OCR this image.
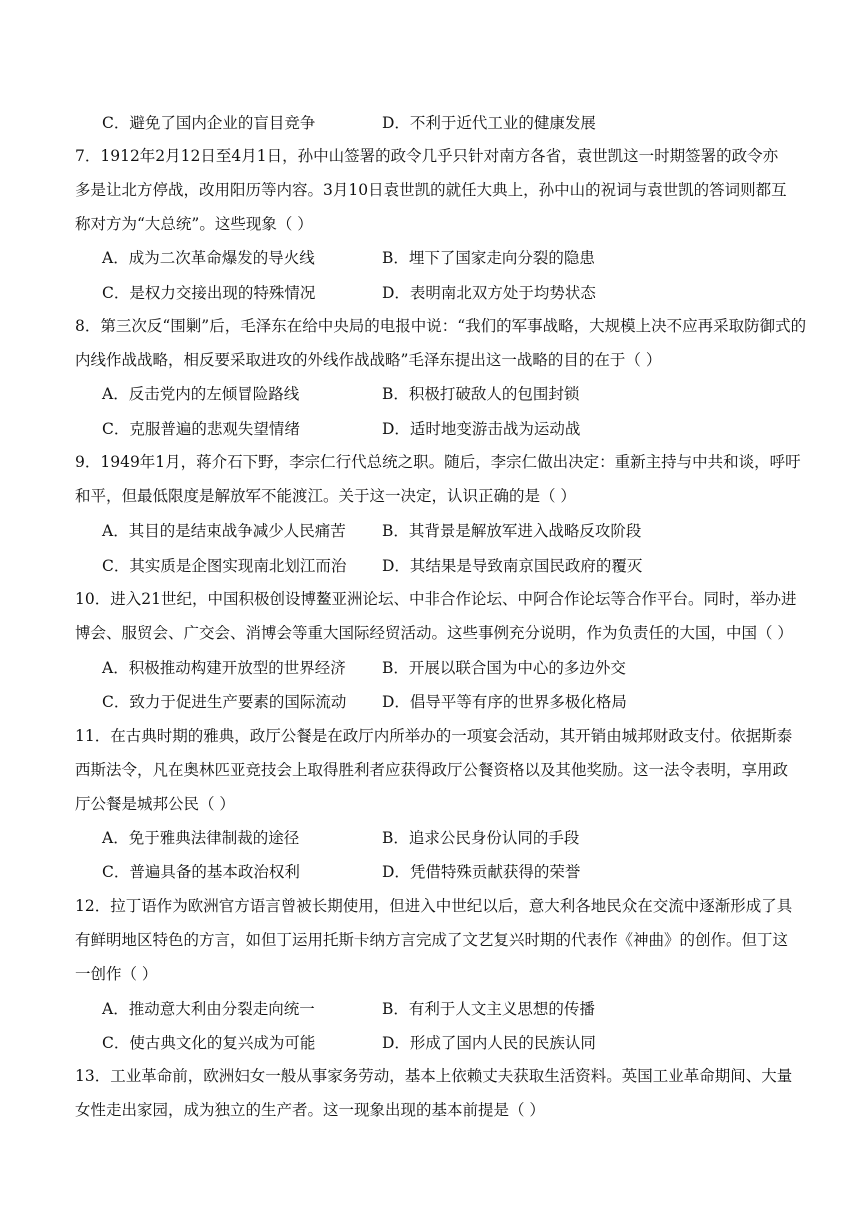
C．避免了国内企业的盲目竞争	D．不利于近代工业的健康发展
7．1912年2月12日至4月1日，孙中山签署的政令几乎只针对南方各省，袁世凯这一时期签署的政令亦
多是让北方停战，改用阳历等内容。3月10日袁世凯的就任大典上，孙中山的祝词与袁世凯的答词则都互
称对方为“大总统”。这些现象（ ）
A．成为二次革命爆发的导火线	B．埋下了国家走向分裂的隐患
C．是权力交接出现的特殊情况	D．表明南北双方处于均势状态
8．第三次反“围剿”后，毛泽东在给中央局的电报中说：“我们的军事战略，大规模上决不应再采取防御式的
内线作战战略，相反要采取进攻的外线作战战略”毛泽东提出这一战略的目的在于（ ）
A．反击党内的左倾冒险路线	B．积极打破敌人的包围封锁
C．克服普遍的悲观失望情绪	D．适时地变游击战为运动战
9．1949年1月，蒋介石下野，李宗仁行代总统之职。随后，李宗仁做出决定：重新主持与中共和谈，呼吁
和平，但最低限度是解放军不能渡江。关于这一决定，认识正确的是（ ）
A．其目的是结束战争减少人民痛苦 B．其背景是解放军进入战略反攻阶段
C．其实质是企图实现南北划江而治 D．其结果是导致南京国民政府的覆灭
10．进入21世纪，中国积极创设博鳌亚洲论坛、中非合作论坛、中阿合作论坛等合作平台。同时，举办进
博会、服贸会、广交会、消博会等重大国际经贸活动。这些事例充分说明，作为负责任的大国，中国（ ）
A．积极推动构建开放型的世界经济 B．开展以联合国为中心的多边外交
C．致力于促进生产要素的国际流动 D．倡导平等有序的世界多极化格局
11．在古典时期的雅典，政厅公餐是在政厅内所举办的一项宴会活动，其开销由城邦财政支付。依据斯泰
西斯法令，凡在奥林匹亚竞技会上取得胜利者应获得政厅公餐资格以及其他奖励。这一法令表明，享用政
厅公餐是城邦公民（ ）
A．免于雅典法律制裁的途径	B．追求公民身份认同的手段
C．普遍具备的基本政治权利	D．凭借特殊贡献获得的荣誉
12．拉丁语作为欧洲官方语言曾被长期使用，但进入中世纪以后，意大利各地民众在交流中逐渐形成了具
有鲜明地区特色的方言，如但丁运用托斯卡纳方言完成了文艺复兴时期的代表作《神曲》的创作。但丁这
一创作（ ）
A．推动意大利由分裂走向统一	B．有利于人文主义思想的传播
C．使古典文化的复兴成为可能	D．形成了国内人民的民族认同
13．工业革命前，欧洲妇女一般从事家务劳动，基本上依赖丈夫获取生活资料。英国工业革命期间、大量
女性走出家园，成为独立的生产者。这一现象出现的基本前提是（ ）
